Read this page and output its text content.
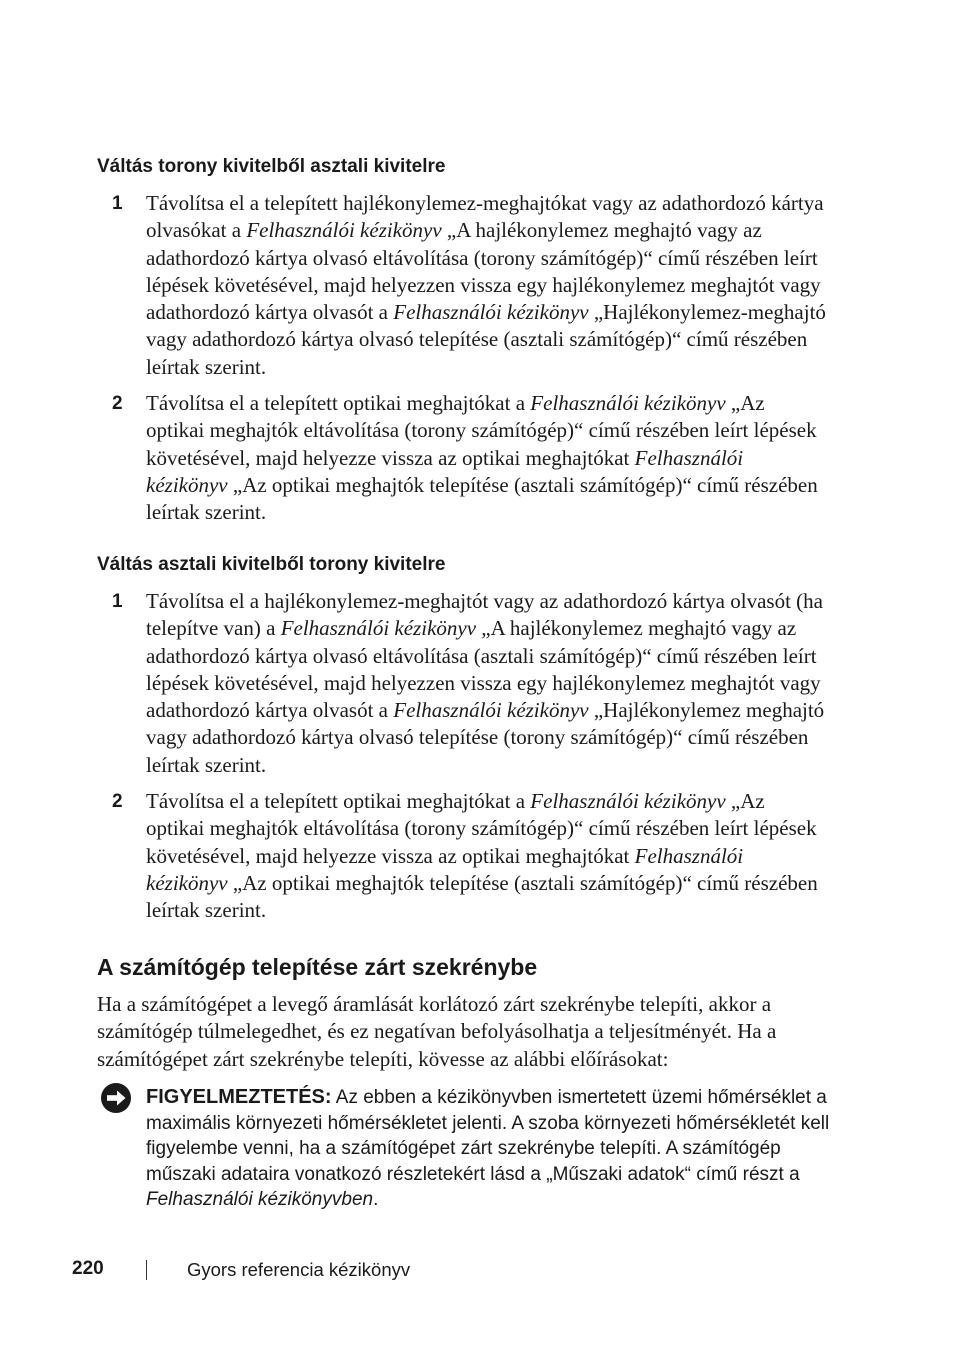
Váltás torony kivitelből asztali kivitelre
1 Távolítsa el a telepített hajlékonylemez-meghajtókat vagy az adathordozó kártya olvasókat a Felhasználói kézikönyv „A hajlékonylemez meghajtó vagy az adathordozó kártya olvasó eltávolítása (torony számítógép)“ című részében leírt lépések követésével, majd helyezzen vissza egy hajlékonylemez meghajtót vagy adathordozó kártya olvasót a Felhasználói kézikönyv „Hajlékonylemez-meghajtó vagy adathordozó kártya olvasó telepítése (asztali számítógép)“ című részében leírtak szerint.

2 Távolítsa el a telepített optikai meghajtókat a Felhasználói kézikönyv „Az optikai meghajtók eltávolítása (torony számítógép)“ című részében leírt lépések követésével, majd helyezze vissza az optikai meghajtókat Felhasználói kézikönyv „Az optikai meghajtók telepítése (asztali számítógép)“ című részében leírtak szerint.

Váltás asztali kivitelből torony kivitelre
1 Távolítsa el a hajlékonylemez-meghajtót vagy az adathordozó kártya olvasót (ha telepítve van) a Felhasználói kézikönyv „A hajlékonylemez meghajtó vagy az adathordozó kártya olvasó eltávolítása (asztali számítógép)“ című részében leírt lépések követésével, majd helyezzen vissza egy hajlékonylemez meghajtót vagy adathordozó kártya olvasót a Felhasználói kézikönyv „Hajlékonylemez meghajtó vagy adathordozó kártya olvasó telepítése (torony számítógép)“ című részében leírtak szerint.

2 Távolítsa el a telepített optikai meghajtókat a Felhasználói kézikönyv „Az optikai meghajtók eltávolítása (torony számítógép)“ című részében leírt lépések követésével, majd helyezze vissza az optikai meghajtókat Felhasználói kézikönyv „Az optikai meghajtók telepítése (asztali számítógép)“ című részében leírtak szerint.

A számítógép telepítése zárt szekrénybe

Ha a számítógépet a levegő áramlását korlátozó zárt szekrénybe telepíti, akkor a számítógép túlmelegedhet, és ez negatívan befolyásolhatja a teljesítményét. Ha a számítógépet zárt szekrénybe telepíti, kövesse az alábbi előírásokat:

FIGYELMEZTETÉS: Az ebben a kézikönyvben ismertetett üzemi hőmérséklet a maximális környezeti hőmérsékletet jelenti. A szoba környezeti hőmérsékletét kell figyelembe venni, ha a számítógépet zárt szekrénybe telepíti. A számítógép műszaki adataira vonatkozó részletekért lásd a „Műszaki adatok“ című részt a Felhasználói kézikönyvben.

220	Gyors referencia kézikönyv
